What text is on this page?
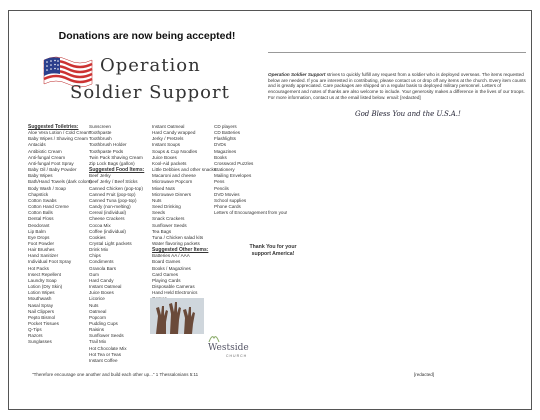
Donations are now being accepted!
Operation
Soldier Support
Operation Soldier Support strives to quickly fulfill any request from a soldier who is deployed overseas. The items requested below are needed. If you are interested in contributing, please contact us or drop off any items at the church. Every item counts and is greatly appreciated. Care packages are shipped on a regular basis to deployed military personnel. Letters of encouragement and notes of thanks are also welcome to include. Your generosity makes a difference in the lives of our troops. For more information, contact us at the email listed below. email: [redacted]
God Bless You and the U.S.A.!
Suggested Toiletries:
Aloe Vera Lotion / Cold Cream
Baby Wipes / Shaving Cream
Antacids
Antibiotic Cream
Anti-fungal Cream
Anti-fungal Foot Spray
Baby Oil / Baby Powder
Baby Wipes
Bath/Hand Towels (dark colors)
Body Wash / Soap
Chapstick
Cotton Swabs
Cotton Hand Creme
Cotton Balls
Dental Floss
Deodorant
Lip Balm
Eye Drops
Foot Powder
Hair Brushes
Hand Sanitizer
Individual Foot Spray
Hot Packs
Insect Repellent
Laundry Soap
Lotion (Dry Skin)
Lotion Wipes
Mouthwash
Nasal Spray
Nail Clippers
Pepto Bismol
Pocket Tissues
Q-Tips
Razors
Sunglasses
Sunscreen
Toothpaste
Toothbrush
Toothbrush Holder
Toothpaste Pods
Twin Pack Shaving Cream
Zip Lock Bags (gallon)
Suggested Food Items:
Beef Jerky
Beef Jerky / Beef Sticks
Canned Chicken (pop-top)
Canned Fruit (pop-top)
Canned Tuna (pop-top)
Candy (non-melting)
Cereal (individual)
Cheese Crackers
Cocoa Mix
Coffee (individual)
Cookies
Crystal Light packets
Drink Mix
Chips
Condiments
Granola Bars
Gum
Hard Candy
Instant Oatmeal
Juice Boxes
Licorice
Nuts
Oatmeal
Popcorn
Pudding Cups
Raisins
Sunflower Seeds
Trail Mix
Hot Chocolate Mix
Hot Tea or Teas
Instant Coffee
Instant Oatmeal
Hard Candy wrapped
Jerky / Pretzels
Instant Soups
Soups & Cup Noodles
Juice Boxes
Kool-Aid packets
Little Debbies and other snacks
Macaroni and cheese
Microwave Popcorn
Mixed Nuts
Microwave Dinners
Nuts
Seed Drinking
Seeds
Snack Crackers
Sunflower Seeds
Tea Bags
Tuna / Chicken salad kits
Water flavoring packets
Suggested Other Items:
Batteries AA / AAA
Board Games
Books / Magazines
Card Games
Playing Cards
Disposable Cameras
Hand Held Electronics
CD players
CD Batteries
Flashlights
DVDs
Magazines
Books
Crossword Puzzles
Stationery
Mailing Envelopes
Pens
Pencils
DVD Movies
School supplies
Phone Cards
Letters of Encouragement from you!
Thank You for your support America!
Westside
CHURCH
"Therefore encourage one another and build each other up..." 1 Thessalonians 5:11	[redacted]
